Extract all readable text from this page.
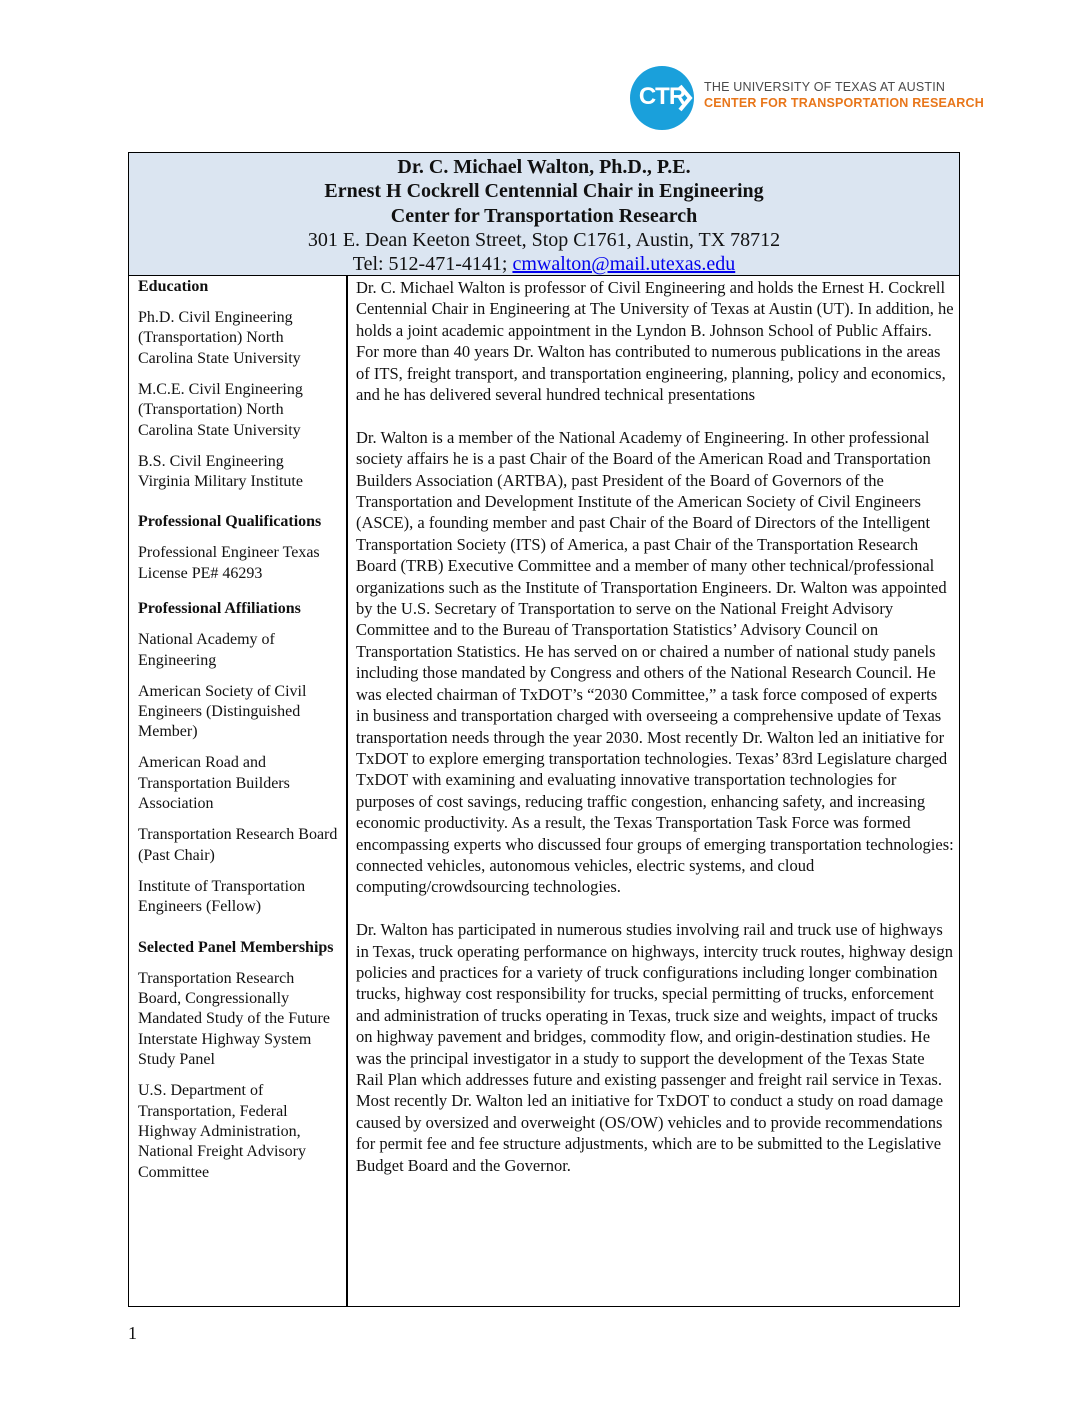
CTR	THE UNIVERSITY OF TEXAS AT AUSTIN
CENTER FOR TRANSPORTATION RESEARCH
Dr. C. Michael Walton, Ph.D., P.E.
Ernest H Cockrell Centennial Chair in Engineering
Center for Transportation Research
301 E. Dean Keeton Street, Stop C1761, Austin, TX 78712
Tel: 512-471-4141; cmwalton@mail.utexas.edu
Education
Ph.D. Civil Engineering (Transportation) North Carolina State University
M.C.E. Civil Engineering (Transportation) North Carolina State University
B.S. Civil Engineering Virginia Military Institute
Professional Qualifications
Professional Engineer Texas License PE# 46293
Professional Affiliations
National Academy of Engineering
American Society of Civil Engineers (Distinguished Member)
American Road and Transportation Builders Association
Transportation Research Board (Past Chair)
Institute of Transportation Engineers (Fellow)
Selected Panel Memberships
Transportation Research Board, Congressionally Mandated Study of the Future Interstate Highway System Study Panel
U.S. Department of Transportation, Federal Highway Administration, National Freight Advisory Committee

Dr. C. Michael Walton is professor of Civil Engineering and holds the Ernest H. Cockrell Centennial Chair in Engineering at The University of Texas at Austin (UT). In addition, he holds a joint academic appointment in the Lyndon B. Johnson School of Public Affairs. For more than 40 years Dr. Walton has contributed to numerous publications in the areas of ITS, freight transport, and transportation engineering, planning, policy and economics, and he has delivered several hundred technical presentations

Dr. Walton is a member of the National Academy of Engineering. In other professional society affairs he is a past Chair of the Board of the American Road and Transportation Builders Association (ARTBA), past President of the Board of Governors of the Transportation and Development Institute of the American Society of Civil Engineers (ASCE), a founding member and past Chair of the Board of Directors of the Intelligent Transportation Society (ITS) of America, a past Chair of the Transportation Research Board (TRB) Executive Committee and a member of many other technical/professional organizations such as the Institute of Transportation Engineers. Dr. Walton was appointed by the U.S. Secretary of Transportation to serve on the National Freight Advisory Committee and to the Bureau of Transportation Statistics’ Advisory Council on Transportation Statistics. He has served on or chaired a number of national study panels including those mandated by Congress and others of the National Research Council. He was elected chairman of TxDOT’s “2030 Committee,” a task force composed of experts in business and transportation charged with overseeing a comprehensive update of Texas transportation needs through the year 2030. Most recently Dr. Walton led an initiative for TxDOT to explore emerging transportation technologies. Texas’ 83rd Legislature charged TxDOT with examining and evaluating innovative transportation technologies for purposes of cost savings, reducing traffic congestion, enhancing safety, and increasing economic productivity. As a result, the Texas Transportation Task Force was formed encompassing experts who discussed four groups of emerging transportation technologies: connected vehicles, autonomous vehicles, electric systems, and cloud computing/crowdsourcing technologies.

Dr. Walton has participated in numerous studies involving rail and truck use of highways in Texas, truck operating performance on highways, intercity truck routes, highway design policies and practices for a variety of truck configurations including longer combination trucks, highway cost responsibility for trucks, special permitting of trucks, enforcement and administration of trucks operating in Texas, truck size and weights, impact of trucks on highway pavement and bridges, commodity flow, and origin-destination studies. He was the principal investigator in a study to support the development of the Texas State Rail Plan which addresses future and existing passenger and freight rail service in Texas. Most recently Dr. Walton led an initiative for TxDOT to conduct a study on road damage caused by oversized and overweight (OS/OW) vehicles and to provide recommendations for permit fee and fee structure adjustments, which are to be submitted to the Legislative Budget Board and the Governor.

1
